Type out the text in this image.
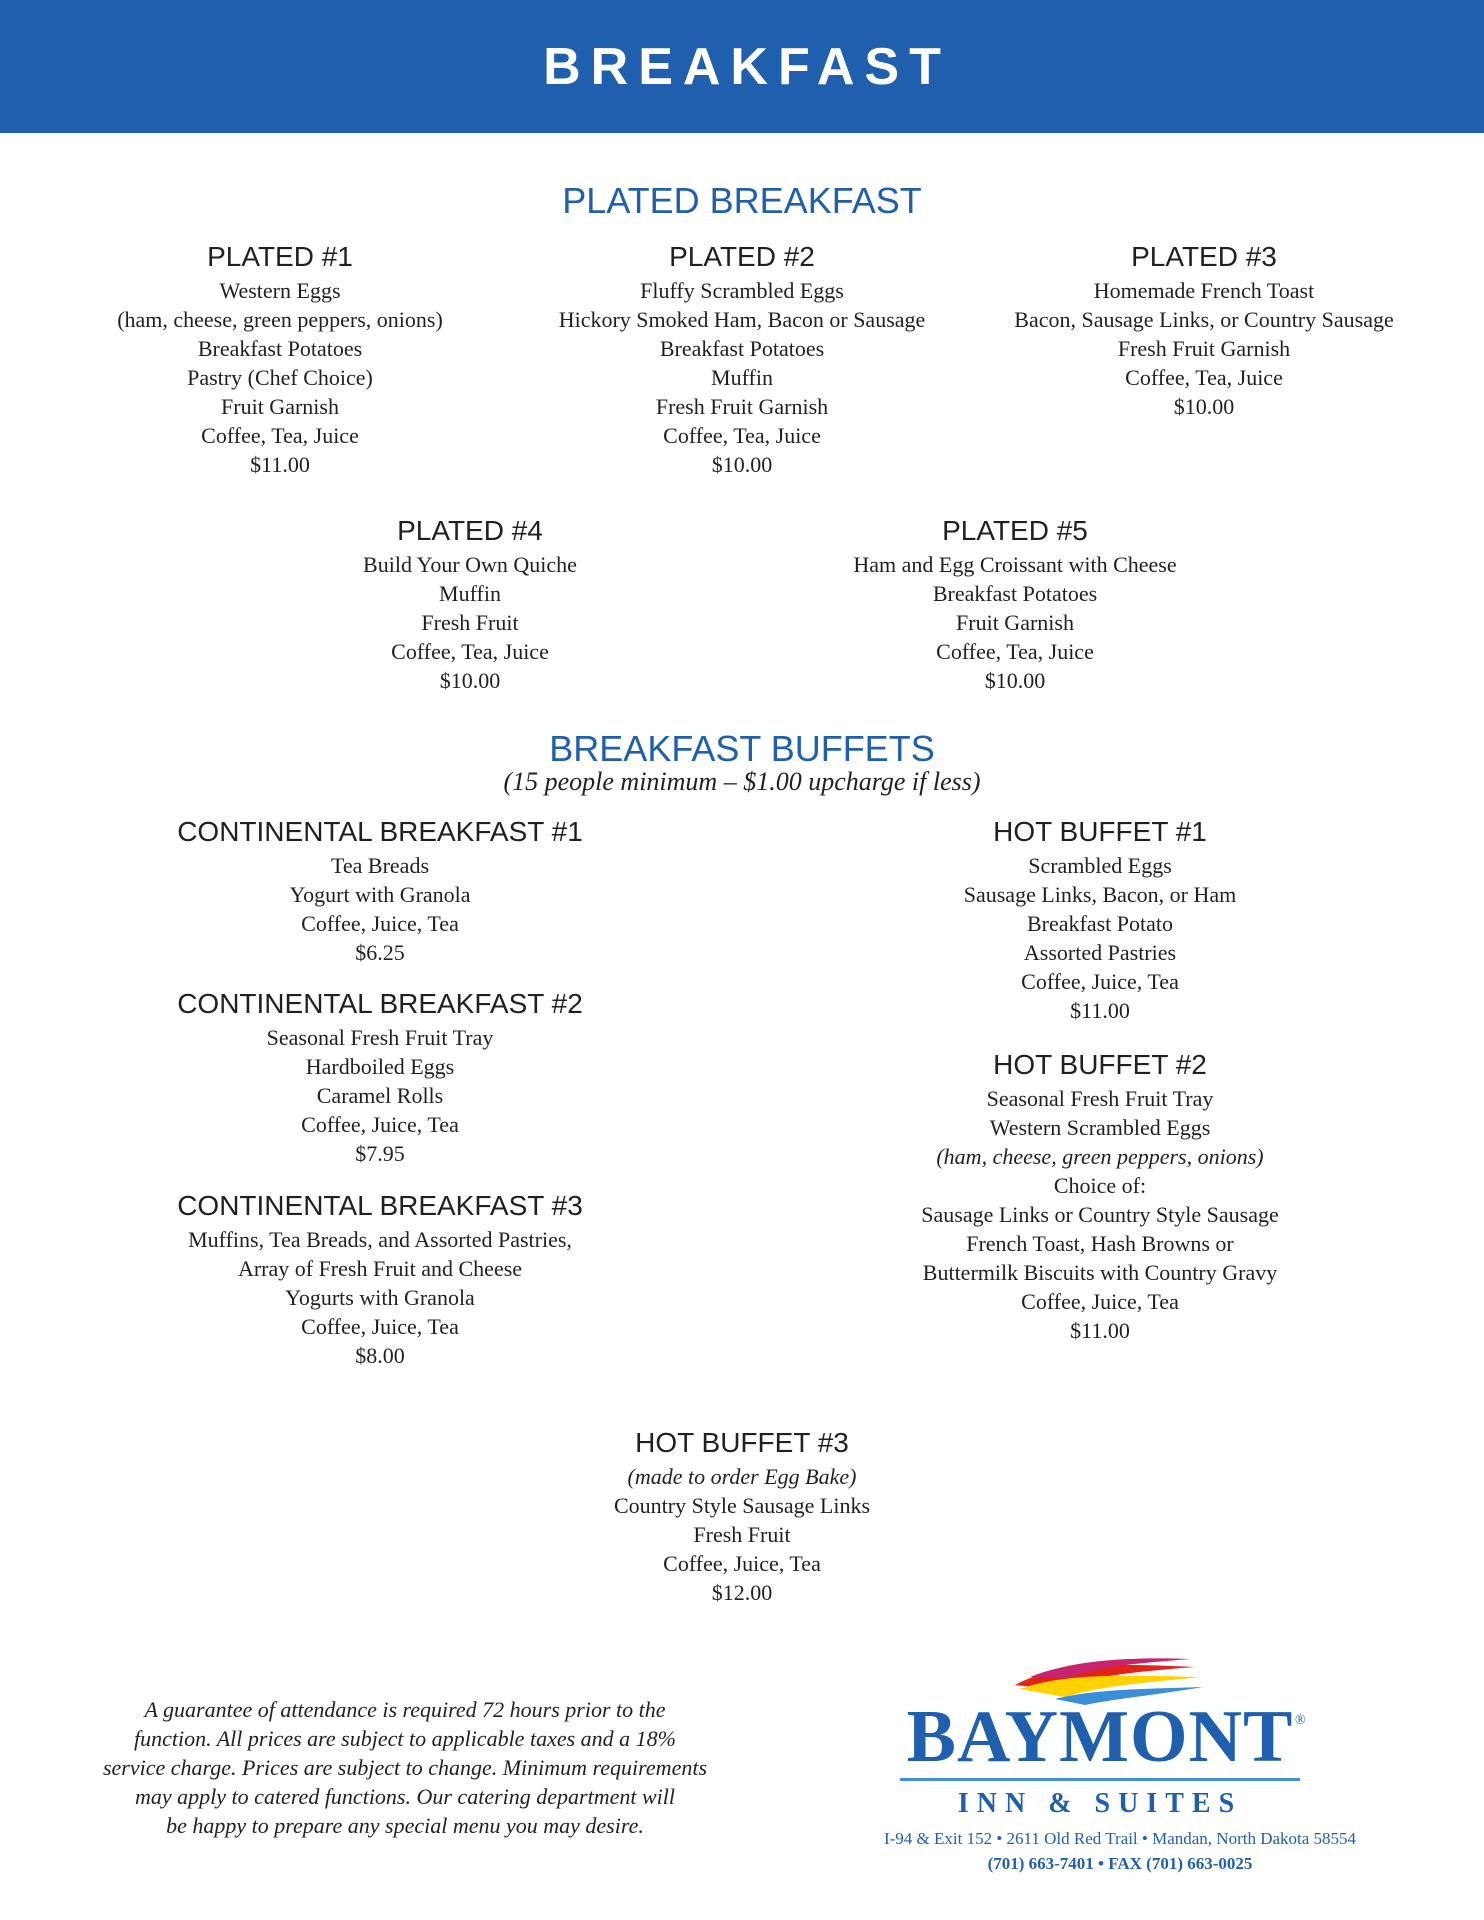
BREAKFAST
PLATED BREAKFAST
PLATED #1
Western Eggs
(ham, cheese, green peppers, onions)
Breakfast Potatoes
Pastry (Chef Choice)
Fruit Garnish
Coffee, Tea, Juice
$11.00
PLATED #2
Fluffy Scrambled Eggs
Hickory Smoked Ham, Bacon or Sausage
Breakfast Potatoes
Muffin
Fresh Fruit Garnish
Coffee, Tea, Juice
$10.00
PLATED #3
Homemade French Toast
Bacon, Sausage Links, or Country Sausage
Fresh Fruit Garnish
Coffee, Tea, Juice
$10.00
PLATED #4
Build Your Own Quiche
Muffin
Fresh Fruit
Coffee, Tea, Juice
$10.00
PLATED #5
Ham and Egg Croissant with Cheese
Breakfast Potatoes
Fruit Garnish
Coffee, Tea, Juice
$10.00
BREAKFAST BUFFETS
(15 people minimum – $1.00 upcharge if less)
CONTINENTAL BREAKFAST #1
Tea Breads
Yogurt with Granola
Coffee, Juice, Tea
$6.25
CONTINENTAL BREAKFAST #2
Seasonal Fresh Fruit Tray
Hardboiled Eggs
Caramel Rolls
Coffee, Juice, Tea
$7.95
CONTINENTAL BREAKFAST #3
Muffins, Tea Breads, and Assorted Pastries,
Array of Fresh Fruit and Cheese
Yogurts with Granola
Coffee, Juice, Tea
$8.00
HOT BUFFET #1
Scrambled Eggs
Sausage Links, Bacon, or Ham
Breakfast Potato
Assorted Pastries
Coffee, Juice, Tea
$11.00
HOT BUFFET #2
Seasonal Fresh Fruit Tray
Western Scrambled Eggs
(ham, cheese, green peppers, onions)
Choice of:
Sausage Links or Country Style Sausage
French Toast, Hash Browns or
Buttermilk Biscuits with Country Gravy
Coffee, Juice, Tea
$11.00
HOT BUFFET #3
(made to order Egg Bake)
Country Style Sausage Links
Fresh Fruit
Coffee, Juice, Tea
$12.00
A guarantee of attendance is required 72 hours prior to the
function. All prices are subject to applicable taxes and a 18%
service charge. Prices are subject to change. Minimum requirements
may apply to catered functions. Our catering department will
be happy to prepare any special menu you may desire.
BAYMONT ®
INN & SUITES
I-94 & Exit 152 • 2611 Old Red Trail • Mandan, North Dakota 58554
(701) 663-7401 • FAX (701) 663-0025
